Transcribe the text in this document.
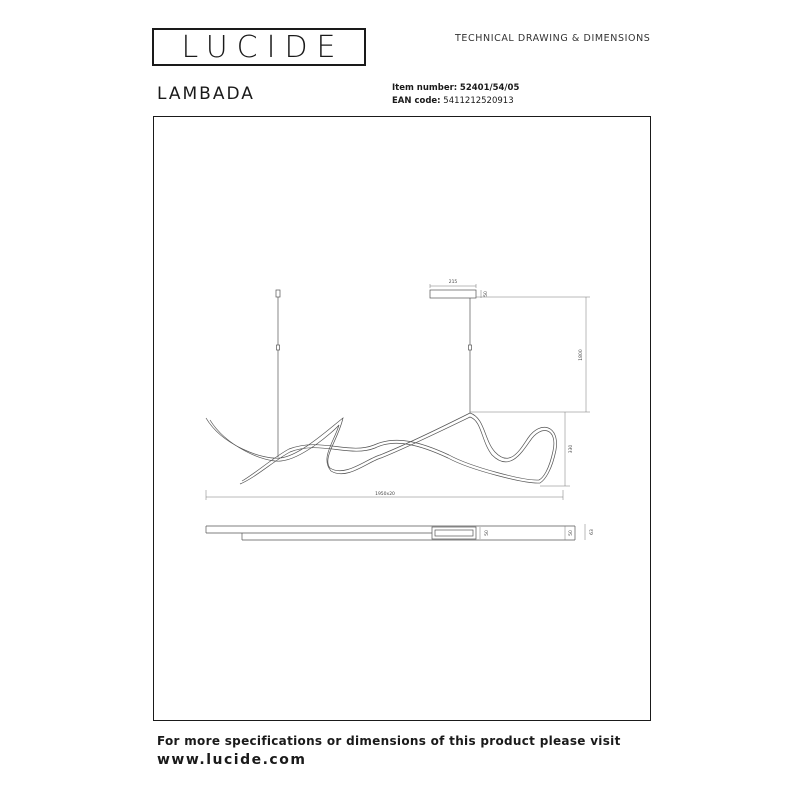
LUCIDE	TECHNICAL DRAWING & DIMENSIONS
LAMBADA	Item number: 52401/54/05
EAN code: 5411212520913
215
50
1800
330
1950x20
50	50	63
For more specifications or dimensions of this product please visit
www.lucide.com
